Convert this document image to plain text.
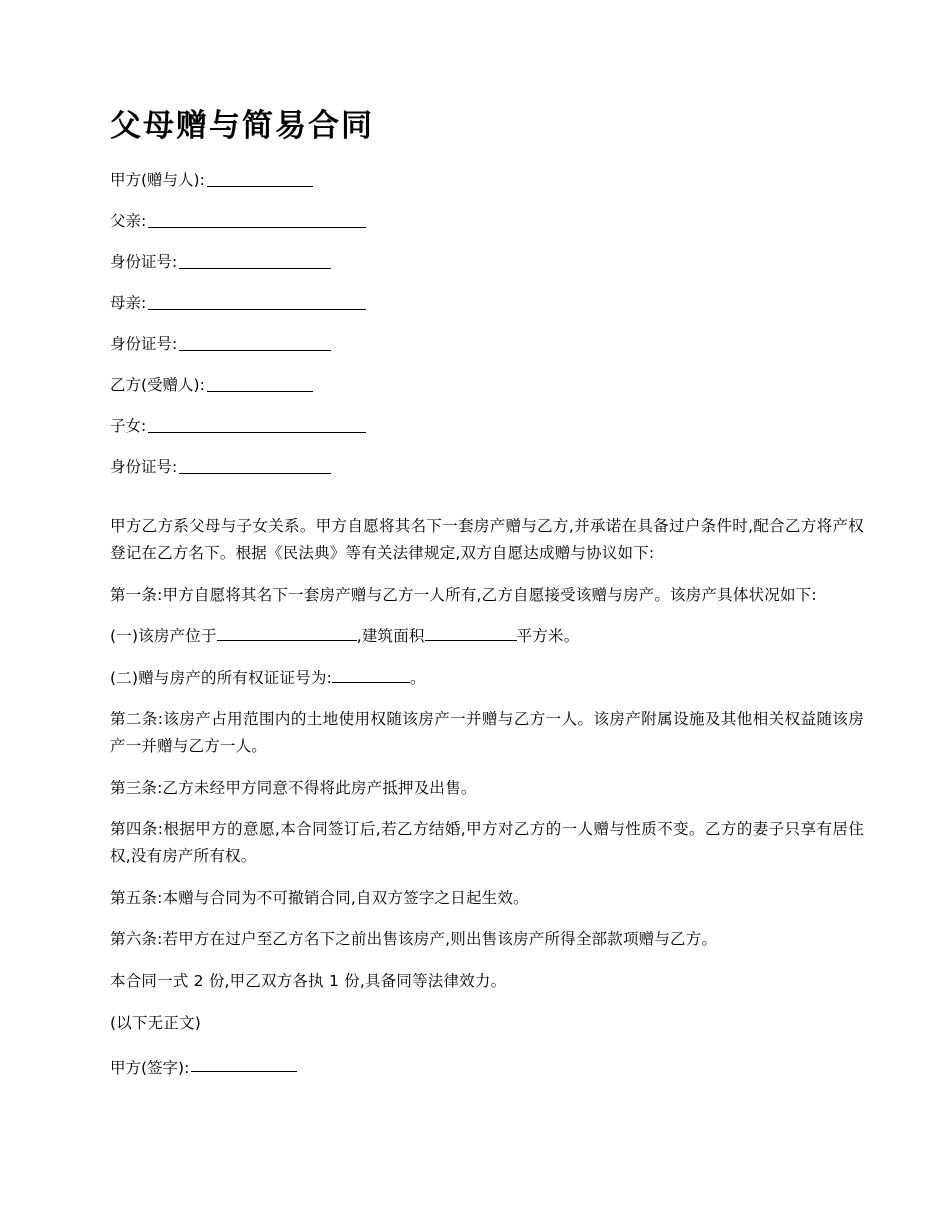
父母赠与简易合同
甲方(赠与人):
父亲:
身份证号:
母亲:
身份证号:
乙方(受赠人):
子女:
身份证号:

甲方乙方系父母与子女关系。甲方自愿将其名下一套房产赠与乙方,并承诺在具备过户条件时,配合乙方将产权登记在乙方名下。根据《民法典》等有关法律规定,双方自愿达成赠与协议如下:

第一条:甲方自愿将其名下一套房产赠与乙方一人所有,乙方自愿接受该赠与房产。该房产具体状况如下:

(一)该房产位于	,建筑面积	平方米。

(二)赠与房产的所有权证证号为:	。

第二条:该房产占用范围内的土地使用权随该房产一并赠与乙方一人。该房产附属设施及其他相关权益随该房产一并赠与乙方一人。

第三条:乙方未经甲方同意不得将此房产抵押及出售。

第四条:根据甲方的意愿,本合同签订后,若乙方结婚,甲方对乙方的一人赠与性质不变。乙方的妻子只享有居住权,没有房产所有权。

第五条:本赠与合同为不可撤销合同,自双方签字之日起生效。

第六条:若甲方在过户至乙方名下之前出售该房产,则出售该房产所得全部款项赠与乙方。

本合同一式 2 份,甲乙双方各执 1 份,具备同等法律效力。

(以下无正文)

甲方(签字):
